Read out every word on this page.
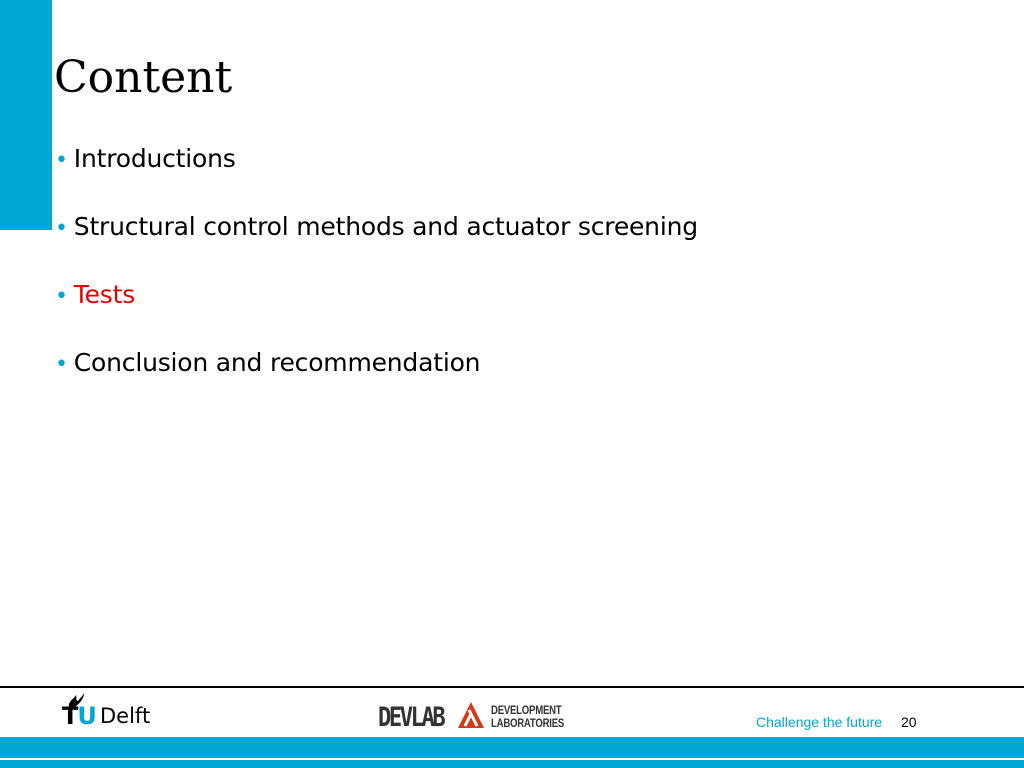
Content
• Introductions
• Structural control methods and actuator screening
• Tests
• Conclusion and recommendation
TU Delft	DEVLAB	DEVELOPMENT
LABORATORIES	Challenge the future 20
